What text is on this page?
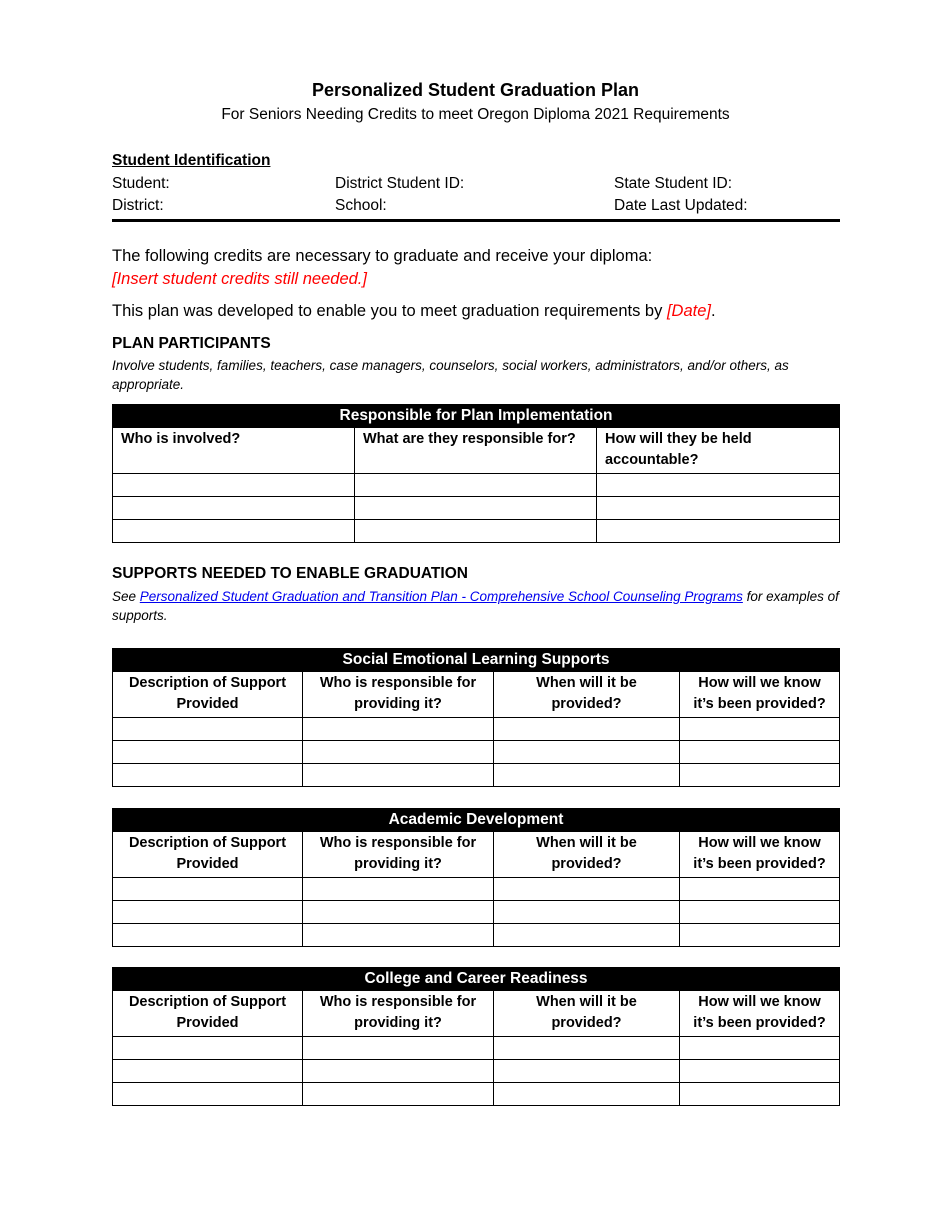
Personalized Student Graduation Plan
For Seniors Needing Credits to meet Oregon Diploma 2021 Requirements
Student Identification
Student:	District Student ID:	State Student ID:
District:	School:	Date Last Updated:
The following credits are necessary to graduate and receive your diploma:
[Insert student credits still needed.]
This plan was developed to enable you to meet graduation requirements by [Date].
PLAN PARTICIPANTS
Involve students, families, teachers, case managers, counselors, social workers, administrators, and/or others, as appropriate.
Responsible for Plan Implementation		
Who is involved?	What are they responsible for?	How will they be held accountable?

SUPPORTS NEEDED TO ENABLE GRADUATION
See Personalized Student Graduation and Transition Plan - Comprehensive School Counseling Programs for examples of supports.
Social Emotional Learning Supports			
Description of Support Provided	Who is responsible for providing it?	When will it be provided?	How will we know it’s been provided?

Academic Development			
Description of Support Provided	Who is responsible for providing it?	When will it be provided?	How will we know it’s been provided?

College and Career Readiness			
Description of Support Provided	Who is responsible for providing it?	When will it be provided?	How will we know it’s been provided?
